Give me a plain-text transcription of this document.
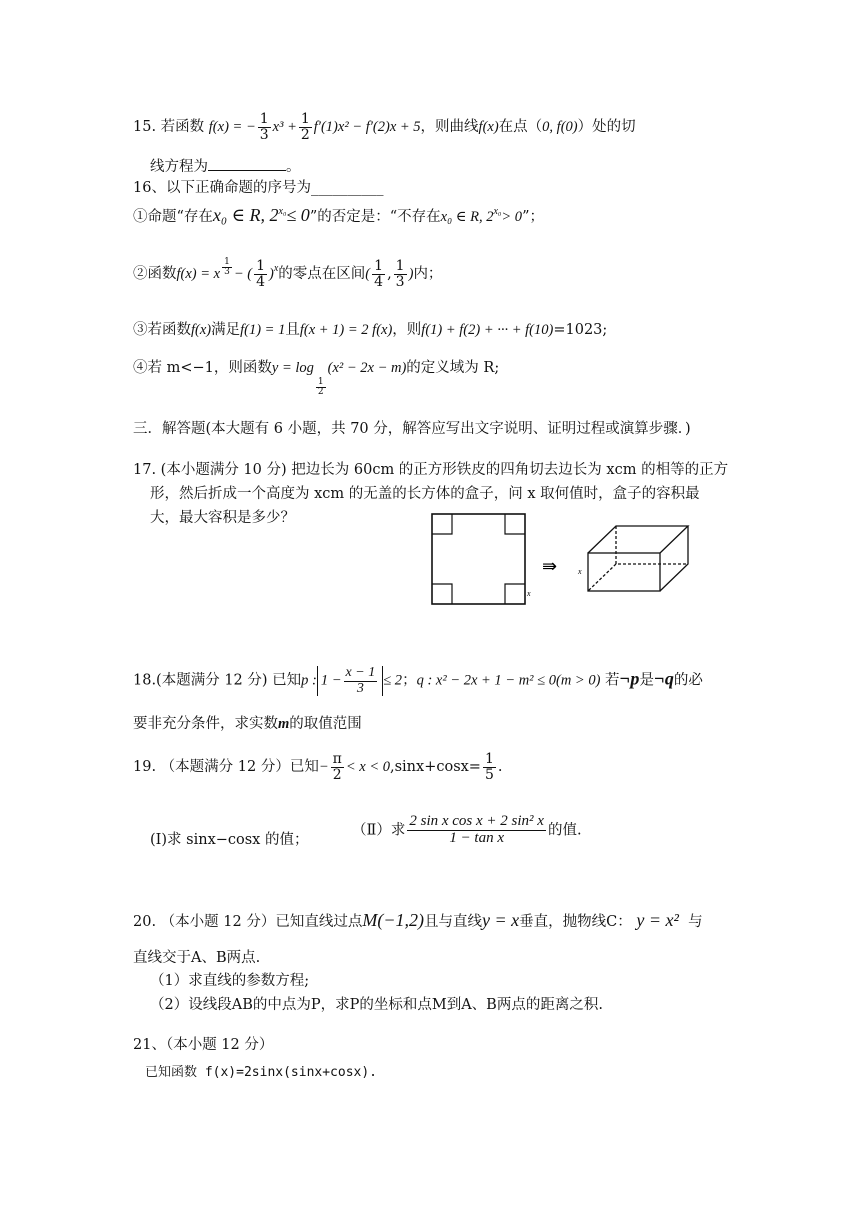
15. 若函数 f(x) = − $\frac{1}{3} x^3 + \frac{1}{2} f'(1)x^2 - f'(2)x + 5$，则曲线f(x)在点（0, f(0)）处的切
线方程为	。
16、以下正确命题的序号为__________
①命题“存在x₀ ∈ R, $2^{x_0}\le 0$”的否定是：“不存在x₀ ∈ R, $2^{x_0}> 0$”；
②函数f(x) = x $\frac{1}{3}$ − ( $\frac{1}{4} )^x$的零点在区间( $\frac{1}{4}$ , $\frac{1}{3}$ )内；
③若函数f(x)满足f(1) = 1且f(x + 1) = 2 f(x)，则f(1) + f(2) + ··· + f(10)=1023;
④若 m<−1，则函数y = log
$\frac{1}{2}$
(x² − 2x − m)的定义域为 R;
三．解答题(本大题有 6 小题，共 70 分，解答应写出文字说明、证明过程或演算步骤．)
17. (本小题满分 10 分) 把边长为 60cm 的正方形铁皮的四角切去边长为 xcm 的相等的正方
形，然后折成一个高度为 xcm 的无盖的长方体的盒子，问 x 取何值时，盒子的容积最
大，最大容积是多少？
x
⇛	x
18.(本题满分 12 分) 已知p : $1 - \frac{x - 1}{3} \le 2$；q : x² − 2x + 1 − m² ≤ 0(m > 0) 若¬p是¬q的必
要非充分条件，求实数m的取值范围
19. （本题满分 12 分）已知− $\frac{\pi}{2} < x < 0,\sin x+\cos x= \frac{1}{5}$ .
(Ⅰ)求 sinx−cosx 的值；
（Ⅱ）求 $\frac{\text{2 sin x cos x + 2 sin² x}}{\text{1 − tan x}}$ 的值.
20. （本小题 12 分）已知直线过点M(−1,2)且与直线y = x垂直，抛物线C： y = x² 与
直线交于A、B两点.
（1）求直线的参数方程;
（2）设线段AB的中点为P，求P的坐标和点M到A、B两点的距离之积.
21、（本小题 12 分）
已知函数 f(x)=2sinx(sinx+cosx).
